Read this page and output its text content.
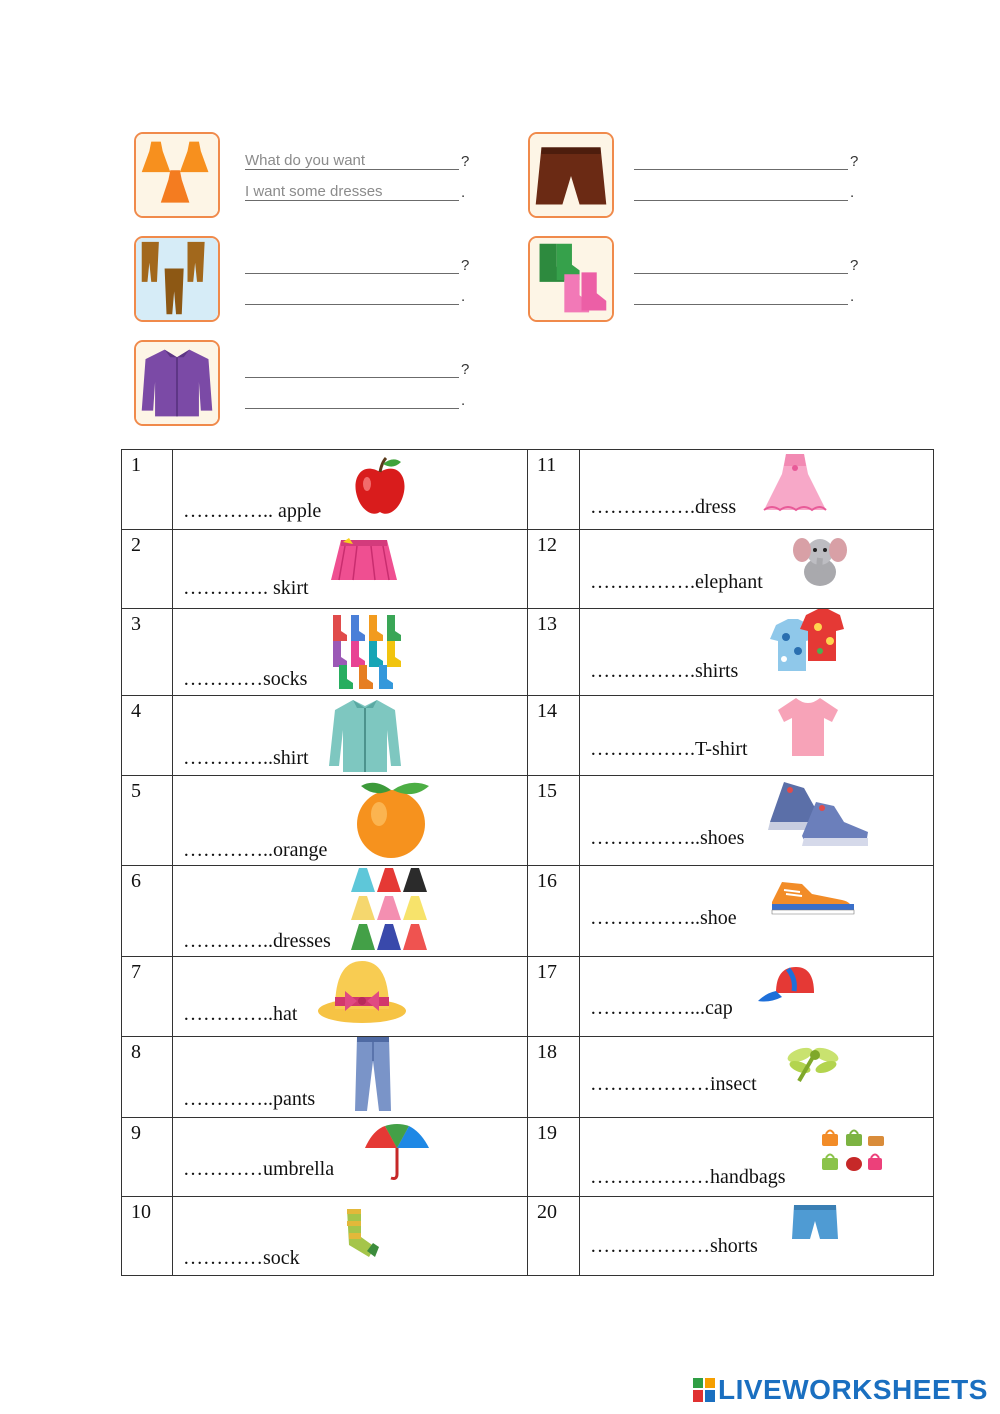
What do you want	?
I want some dresses	.
?
.
?
.
?
.
?
.
1	………….. apple	11	…………….dress

2	…………. skirt	12	…………….elephant

3	…………socks	13	…………….shirts

4	…………..shirt	14	…………….T-shirt

5	…………..orange	15	……………..shoes

6	…………..dresses	16	……………..shoe

7	…………..hat	17	……………...cap

8	…………..pants	18	………………insect

9	…………umbrella	19	………………handbags

10	…………sock	20	………………shorts
LIVEWORKSHEETS
